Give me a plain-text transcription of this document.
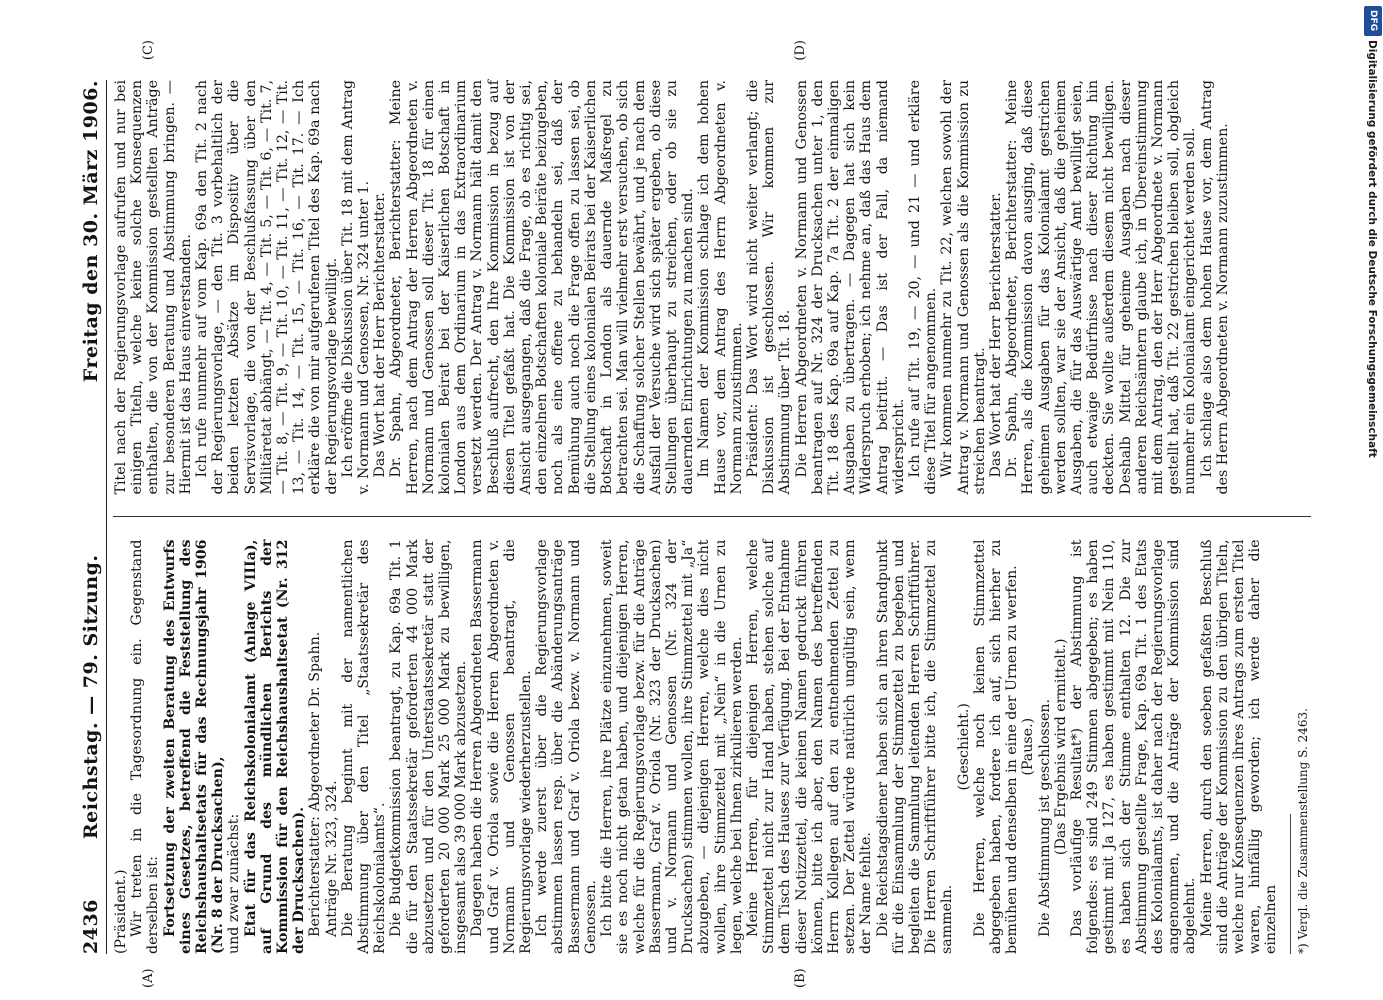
2436
Reichstag. — 79. Sitzung.
Freitag den 30. März 1906.
(A)	(B)
(C)	(D)

(Präsident.) Wir treten in die Tagesordnung ein. Gegenstand derselben ist: Fortsetzung der zweiten Beratung des Entwurfs eines Gesetzes, betreffend die Feststellung des Reichshaushaltsetats für das Rechnungsjahr 1906 (Nr. 8 der Drucksachen), und zwar zunächst: Etat für das Reichskolonialamt (Anlage VIIIa), auf Grund des mündlichen Berichts der Kommission für den Reichshaushaltsetat (Nr. 312 der Drucksachen). Berichterstatter: Abgeordneter Dr. Spahn. Anträge Nr. 323, 324. Die Beratung beginnt mit der namentlichen Abstimmung über den Titel „Staatssekretär des Reichskolonialamts“. Die Budgetkommission beantragt, zu Kap. 69a Tit. 1 die für den Staatssekretär geforderten 44 000 Mark abzusetzen und für den Unterstaatssekretär statt der geforderten 20 000 Mark 25 000 Mark zu bewilligen, insgesamt also 39 000 Mark abzusetzen. Dagegen haben die Herren Abgeordneten Bassermann und Graf v. Oriola sowie die Herren Abgeordneten v. Normann und Genossen beantragt, die Regierungsvorlage wiederherzustellen. Ich werde zuerst über die Regierungsvorlage abstimmen lassen resp. über die Abänderungsanträge Bassermann und Graf v. Oriola bezw. v. Normann und Genossen. Ich bitte die Herren, ihre Plätze einzunehmen, soweit sie es noch nicht getan haben, und diejenigen Herren, welche für die Regierungsvorlage bezw. für die Anträge Bassermann, Graf v. Oriola (Nr. 323 der Drucksachen) und v. Normann und Genossen (Nr. 324 der Drucksachen) stimmen wollen, ihre Stimmzettel mit „Ja“ abzugeben, — diejenigen Herren, welche dies nicht wollen, ihre Stimmzettel mit „Nein“ in die Urnen zu legen, welche bei Ihnen zirkulieren werden. Meine Herren, für diejenigen Herren, welche Stimmzettel nicht zur Hand haben, stehen solche auf dem Tisch des Hauses zur Verfügung. Bei der Entnahme dieser Notizzettel, die keinen Namen gedruckt führen können, bitte ich aber, den Namen des betreffenden Herrn Kollegen auf den zu entnehmenden Zettel zu setzen. Der Zettel würde natürlich ungültig sein, wenn der Name fehlte. Die Reichstagsdiener haben sich an ihren Standpunkt für die Einsammlung der Stimmzettel zu begeben und begleiten die Sammlung leitenden Herren Schriftführer. Die Herren Schriftführer bitte ich, die Stimmzettel zu sammeln.

(Geschieht.) Die Herren, welche noch keinen Stimmzettel abgegeben haben, fordere ich auf, sich hierher zu bemühen und denselben in eine der Urnen zu werfen. (Pause.) Die Abstimmung ist geschlossen. (Das Ergebnis wird ermittelt.) Das vorläufige Resultat*) der Abstimmung ist folgendes: es sind 249 Stimmen abgegeben; es haben gestimmt mit Ja 127, es haben gestimmt mit Nein 110, es haben sich der Stimme enthalten 12. Die zur Abstimmung gestellte Frage, Kap. 69a Tit. 1 des Etats des Kolonialamts, ist daher nach der Regierungsvorlage angenommen, und die Anträge der Kommission sind abgelehnt. Meine Herren, durch den soeben gefaßten Beschluß sind die Anträge der Kommission zu den übrigen Titeln, welche nur Konsequenzen ihres Antrags zum ersten Titel waren, hinfällig geworden; ich werde daher die einzelnen	*) Vergl. die Zusammenstellung S. 2463.

Titel nach der Regierungsvorlage aufrufen und nur bei einigen Titeln, welche keine solche Konsequenzen enthalten, die von der Kommission gestellten Anträge zur besonderen Beratung und Abstimmung bringen. — Hiermit ist das Haus einverstanden. Ich rufe nunmehr auf vom Kap. 69a den Tit. 2 nach der Regierungsvorlage, — den Tit. 3 vorbehaltlich der beiden letzten Absätze im Dispositiv über die Servisvorlage, die von der Beschlußfassung über den Militäretat abhängt, — Tit. 4, — Tit. 5, — Tit. 6, — Tit. 7, — Tit. 8, — Tit. 9, — Tit. 10, — Tit. 11, — Tit. 12, — Tit. 13, — Tit. 14, — Tit. 15, — Tit. 16, — Tit. 17. — Ich erkläre die von mir aufgerufenen Titel des Kap. 69a nach der Regierungsvorlage bewilligt. Ich eröffne die Diskussion über Tit. 18 mit dem Antrag v. Normann und Genossen, Nr. 324 unter 1. Das Wort hat der Herr Berichterstatter. Dr. Spahn, Abgeordneter, Berichterstatter: Meine Herren, nach dem Antrag der Herren Abgeordneten v. Normann und Genossen soll dieser Tit. 18 für einen kolonialen Beirat bei der Kaiserlichen Botschaft in London aus dem Ordinarium in das Extraordinarium versetzt werden. Der Antrag v. Normann hält damit den Beschluß aufrecht, den Ihre Kommission in bezug auf diesen Titel gefaßt hat. Die Kommission ist von der Ansicht ausgegangen, daß die Frage, ob es richtig sei, den einzelnen Botschaften koloniale Beiräte beizugeben, noch als eine offene zu behandeln sei, daß der Bemühung auch noch die Frage offen zu lassen sei, ob die Stellung eines kolonialen Beirats bei der Kaiserlichen Botschaft in London als dauernde Maßregel zu betrachten sei. Man will vielmehr erst versuchen, ob sich die Schaffung solcher Stellen bewährt, und je nach dem Ausfall der Versuche wird sich später ergeben, ob diese Stellungen überhaupt zu streichen, oder ob sie zu dauernden Einrichtungen zu machen sind. Im Namen der Kommission schlage ich dem hohen Hause vor, dem Antrag des Herrn Abgeordneten v. Normann zuzustimmen. Präsident: Das Wort wird nicht weiter verlangt; die Diskussion ist geschlossen. Wir kommen zur Abstimmung über Tit. 18. Die Herren Abgeordneten v. Normann und Genossen beantragen auf Nr. 324 der Drucksachen unter 1, den Tit. 18 des Kap. 69a auf Kap. 7a Tit. 2 der einmaligen Ausgaben zu übertragen. — Dagegen hat sich kein Widerspruch erhoben; ich nehme an, daß das Haus dem Antrag beitritt. — Das ist der Fall, da niemand widerspricht. Ich rufe auf Tit. 19, — 20, — und 21 — und erkläre diese Titel für angenommen. Wir kommen nunmehr zu Tit. 22, welchen sowohl der Antrag v. Normann und Genossen als die Kommission zu streichen beantragt. Das Wort hat der Herr Berichterstatter. Dr. Spahn, Abgeordneter, Berichterstatter: Meine Herren, als die Kommission davon ausging, daß diese geheimen Ausgaben für das Kolonialamt gestrichen werden sollten, war sie der Ansicht, daß die geheimen Ausgaben, die für das Auswärtige Amt bewilligt seien, auch etwaige Bedürfnisse nach dieser Richtung hin deckten. Sie wollte außerdem diesem nicht bewilligen. Deshalb Mittel für geheime Ausgaben nach dieser anderen Reichsämtern glaube ich, in Übereinstimmung mit dem Antrag, den der Herr Abgeordnete v. Normann gestellt hat, daß Tit. 22 gestrichen bleiben soll, obgleich nunmehr ein Kolonialamt eingerichtet werden soll. Ich schlage also dem hohen Hause vor, dem Antrag des Herrn Abgeordneten v. Normann zuzustimmen.

DFG
Digitalisierung gefördert durch die Deutsche Forschungsgemeinschaft
